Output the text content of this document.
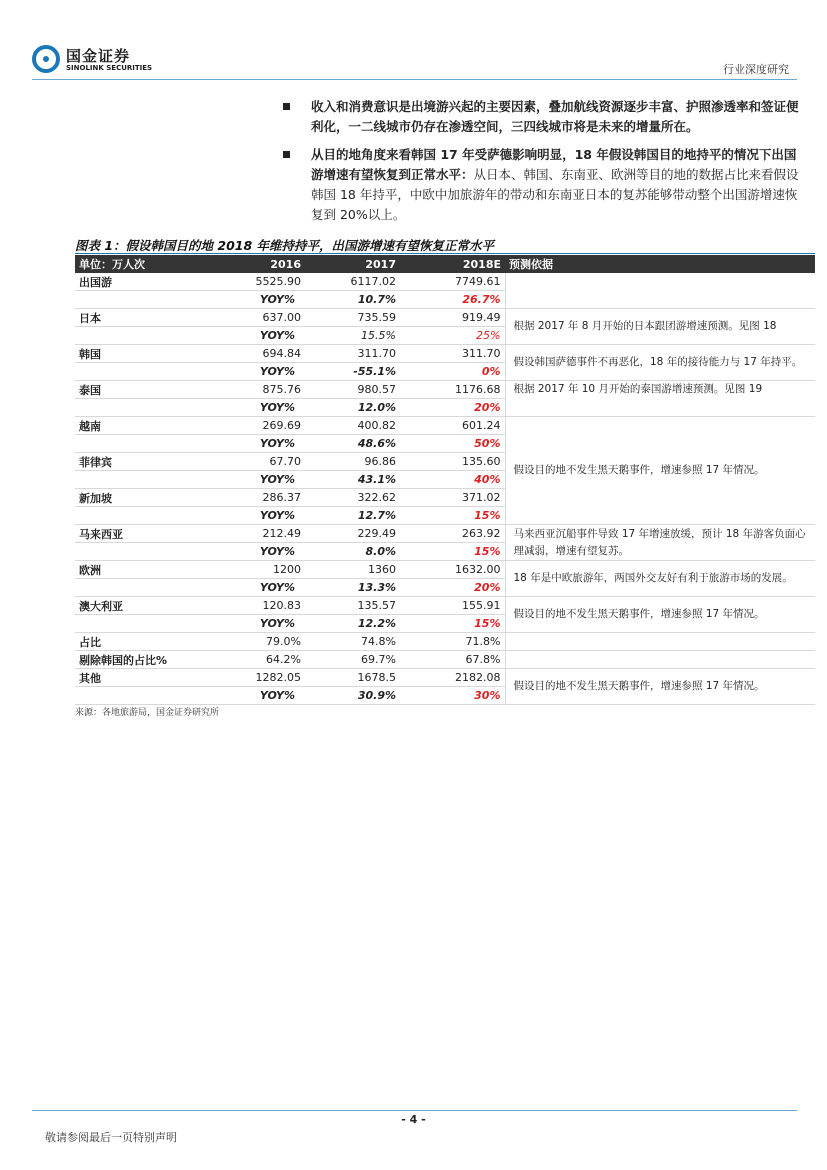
国金证券
SINOLINK SECURITIES	行业深度研究
收入和消费意识是出境游兴起的主要因素，叠加航线资源逐步丰富、护照渗透率和签证便利化，一二线城市仍存在渗透空间，三四线城市将是未来的增量所在。
从目的地角度来看韩国 17 年受萨德影响明显，18 年假设韩国目的地持平的情况下出国游增速有望恢复到正常水平：从日本、韩国、东南亚、欧洲等目的地的数据占比来看假设韩国 18 年持平，中欧中加旅游年的带动和东南亚日本的复苏能够带动整个出国游增速恢复到 20%以上。
图表 1：假设韩国目的地 2018 年维持持平，出国游增速有望恢复正常水平
单位：万人次	2016	2017	2018E	预测依据
出国游	5525.90	6117.02	7749.61	
YOY%		10.7%	26.7%	
日本	637.00	735.59	919.49	根据 2017 年 8 月开始的日本跟团游增速预测。见图 18
YOY%		15.5%	25%	
韩国	694.84	311.70	311.70	假设韩国萨德事件不再恶化，18 年的接待能力与 17 年持平。
YOY%		-55.1%	0%	
泰国	875.76	980.57	1176.68	根据 2017 年 10 月开始的泰国游增速预测。见图 19
YOY%		12.0%	20%	
越南	269.69	400.82	601.24	假设目的地不发生黑天鹅事件，增速参照 17 年情况。
YOY%		48.6%	50%	
菲律宾	67.70	96.86	135.60	
YOY%		43.1%	40%	
新加坡	286.37	322.62	371.02	
YOY%		12.7%	15%	
马来西亚	212.49	229.49	263.92	马来西亚沉船事件导致 17 年增速放缓，预计 18 年游客负面心理减弱，增速有望复苏。
YOY%		8.0%	15%	
欧洲	1200	1360	1632.00	18 年是中欧旅游年，两国外交友好有利于旅游市场的发展。
YOY%		13.3%	20%	
澳大利亚	120.83	135.57	155.91	假设目的地不发生黑天鹅事件，增速参照 17 年情况。
YOY%		12.2%	15%	
占比	79.0%	74.8%	71.8%	
剔除韩国的占比%	64.2%	69.7%	67.8%	
其他	1282.05	1678.5	2182.08	假设目的地不发生黑天鹅事件，增速参照 17 年情况。
YOY%		30.9%	30%	
来源：各地旅游局，国金证券研究所
- 4 -
敬请参阅最后一页特别声明
